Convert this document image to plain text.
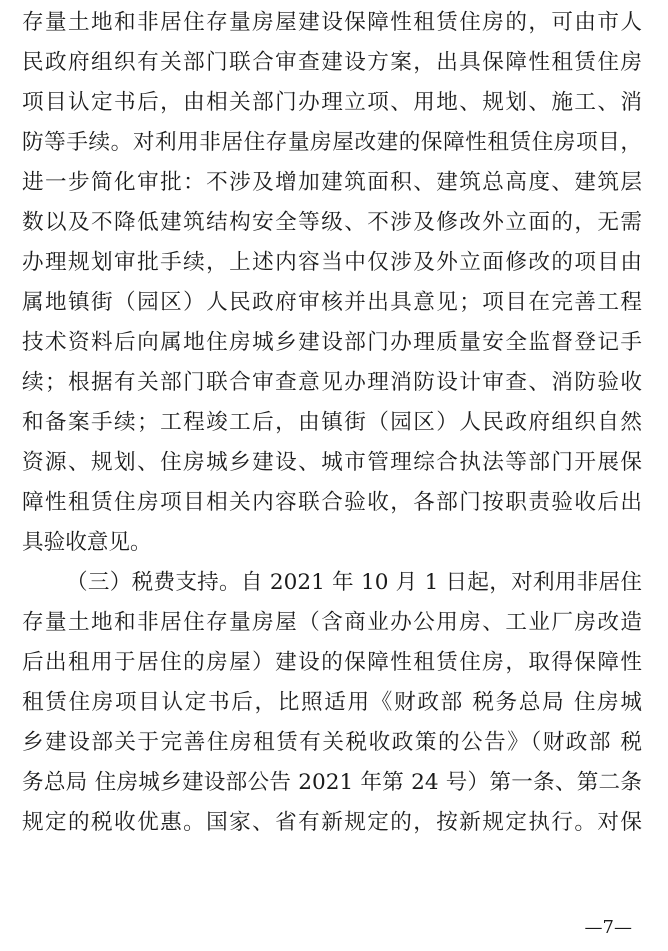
存量土地和非居住存量房屋建设保障性租赁住房的，可由市人
民政府组织有关部门联合审查建设方案，出具保障性租赁住房
项目认定书后，由相关部门办理立项、用地、规划、施工、消
防等手续。对利用非居住存量房屋改建的保障性租赁住房项目，
进一步简化审批：不涉及增加建筑面积、建筑总高度、建筑层
数以及不降低建筑结构安全等级、不涉及修改外立面的，无需
办理规划审批手续，上述内容当中仅涉及外立面修改的项目由
属地镇街（园区）人民政府审核并出具意见；项目在完善工程
技术资料后向属地住房城乡建设部门办理质量安全监督登记手
续；根据有关部门联合审查意见办理消防设计审查、消防验收
和备案手续；工程竣工后，由镇街（园区）人民政府组织自然
资源、规划、住房城乡建设、城市管理综合执法等部门开展保
障性租赁住房项目相关内容联合验收，各部门按职责验收后出
具验收意见。
（三）税费支持。自 2021 年 10 月 1 日起，对利用非居住
存量土地和非居住存量房屋（含商业办公用房、工业厂房改造
后出租用于居住的房屋）建设的保障性租赁住房，取得保障性
租赁住房项目认定书后，比照适用《财政部 税务总局 住房城
乡建设部关于完善住房租赁有关税收政策的公告》（财政部 税
务总局 住房城乡建设部公告 2021 年第 24 号）第一条、第二条
规定的税收优惠。国家、省有新规定的，按新规定执行。对保
—7—
